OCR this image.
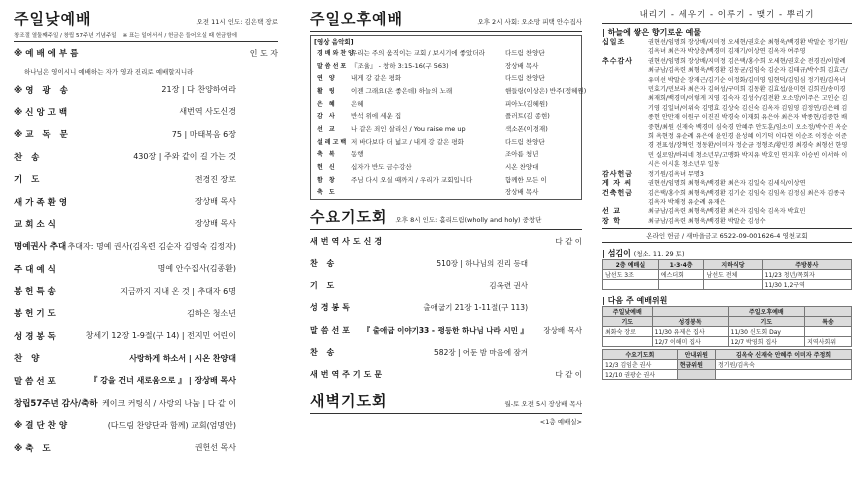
주일낮예배	오전 11시 인도: 김은택 장로
창조절 열둘째주일 / 창립 57주년 기념주일 ※ 표는 일어서서 / 헌금은 들어오실 때 헌금함에
※예배에부름	인 도 자
하나님은 영이시니 예배하는 자가 영과 진리로 예배할지니라
※영 광 송	21장 | 다 찬양하여라
※신앙고백	새번역 사도신경
※교 독 문	75 | 마태복음 6장
찬 송	430장 | 주와 같이 길 가는 것
기 도	전경진 장로
새가족환영	장상배 목사
교회소식	장상배 목사
명예권사 추대 추대자: 명예 권사(김옥련 김순자 김영숙 김정자)
주대예식	명예 안수집사(김종환)
봉 헌 특 송	지금까지 지내 온 것 | 추대자 6명
봉 헌 기 도	김하은 청소년
성경봉독	창세기 12장 1-9절(구 14) | 전지민 어린이
찬 양	사랑하게 하소서 | 시온 찬양대
말 씀 선 포	『 강을 건너 새로움으로 』 | 장상배 목사
창립57주년 감사/축하 케이크 커팅식 / 사랑의 나눔 | 다 같 이
※결단찬양	(다드림 찬양단과 함께) 교회(엄명안)
※축 도	권헌선 목사
주일오후예배	오후 2시 사회: 오소망 피택 안수집사
[영상 음악회]
경배와찬양
우리는 주의 움직이는 교회 / 보시기에 좋았더라	다드림 찬양단
말씀선포 『조율』 - 창하 3:15-16(구 563)	장상배 목사
연 양	내게 강 같은 평화	다드림 찬양단
활 링	이젠 그래요(온 좋은데) 하늘의 노래	핸들링(이상은) 반주(정혜원)
은 혜	은혜	피아노(김혜원)
감 사	반석 위에 세운 집	플러트(김 종현)
선 교	나 같은 죄인 살리신 / You raise me up	색소폰(이경재)
설레고백 저 바다보다 더 넓고 / 내게 강 같은 평화	다드림 찬양단
축 복	동행	조아름 청년
헌 신	십자가 반도 금수강산	시온 찬양대
함 창	주님 다시 오실 때까지 / 우리가 교회입니다	함께한 모든 이
축 도	장상배 목사
수요기도회 오후 8시 인도: 홀리드림(wholly and holy) 중창단
새번역사도신경	다 같 이
찬 송	510장 | 하나님의 진리 등대
기 도	김옥련 권사
성경봉독	출애굽기 21장 1-11절(구 113)
말씀선포	『 출애굽 이야기33 - 평등한 하나님 나라 시민 』	장상배 목사
찬 송	582장 | 어둔 밤 마음에 잠겨
새번역주기도문	다 같 이
새벽기도회	월-토 오전 5시 장상배 목사
<1층 예배실>
내리기 - 세우기 - 이루기 - 맺기 - 뿌리기
| 하늘에 쌓은 향기로운 예물
십일조	권현선/임명희 장상배/지미정 오세현/권호순 최형욱/백경환 박말순 정기원/김옥녀 최은자 박상충/백경미 김재기/이상연 김옥자 여주영
추수감사	권현선/임명희 장상배/지미정 김은택/홍수희 오세현/권호순 전경진/이말례 최규남/김옥련 최형욱/백경환 김동균/김임숙 김순자 김태규/박수희 김효근/유미선 박말순 장재근/김기순 이정화/김미영 임현덕/김임심 정기원/김옥녀 민효기/민보라 최은자 김허성/구미희 김동환 김효섭/윤미현 김희진/송미경 최재희/백경미/이렇게 지영 김숙자 김성수/김전환 오소망/이주은 고인순 김기영 김일녀/이위숙 김명효 김상숙 김신숙 김옥자 김임영 김정연/김은혜 김종헌 안만재 이원구 이진진 박경숙 이재회 유은아 최은자 박종현/김중한 배중현/최원 신재숙 백경미 심숙경 안혜주 안도훈/임소미 오소정/박수진 옥순희 옥현정 유순례 유은애 윤인경 윤성혜 이기덕 이다현 이순조 이정순 이준경 전표성/장혁인 정동환/이미자 정순금 정형조/황민경 최경숙 최형선 한영민 실로암/바리네 청소년부/고맹화 박지유 박호인 연지후 이승빈 이서하 이시은 이시훈 청소년부 일동
감사헌금	정기원/김옥녀 무명3
게 자 씨	권현선/임명희 최형욱/백경환 최은자 김일숙 김세식/이상연
건축헌금	김은택/홍수희 최형욱/백경환 김기순 김임숙 김임옥 김정심 최은자 김종국 김옥자 박채정 유순례 유재은
선 교	최규남/김옥련 최형욱/백경환 최은자 김임숙 김옥자 박효민
장 학	최규남/김옥련 최형욱/백경환 박말순 김성수
온라인 헌금 / 새마을금고 6522-09-001626-4 영천교회
| 섬김이 (청소. 11. 29 토)
2층 예배실	1·3·4층	지하식당	주방봉사
남선도 3조	에스더회	남선도 전체	11/23 청년/목회자
			11/30 1,2구역
| 다음 주 예배위원
주일낮예배		주일오후예배	
기도	성경봉독	기도	특송
최화숙 장로	11/30 유제은 집사	11/30 신도회 Day	
	12/7 이해미 집사	12/7 박영희 집사	지역사회위
수요기도회	안내위원	김옥숙 신재숙 안혜주 이미자 주정희
12/3 김임춘 권사	현금위원	정기원/김옥숙
12/10 권광순 권사		
